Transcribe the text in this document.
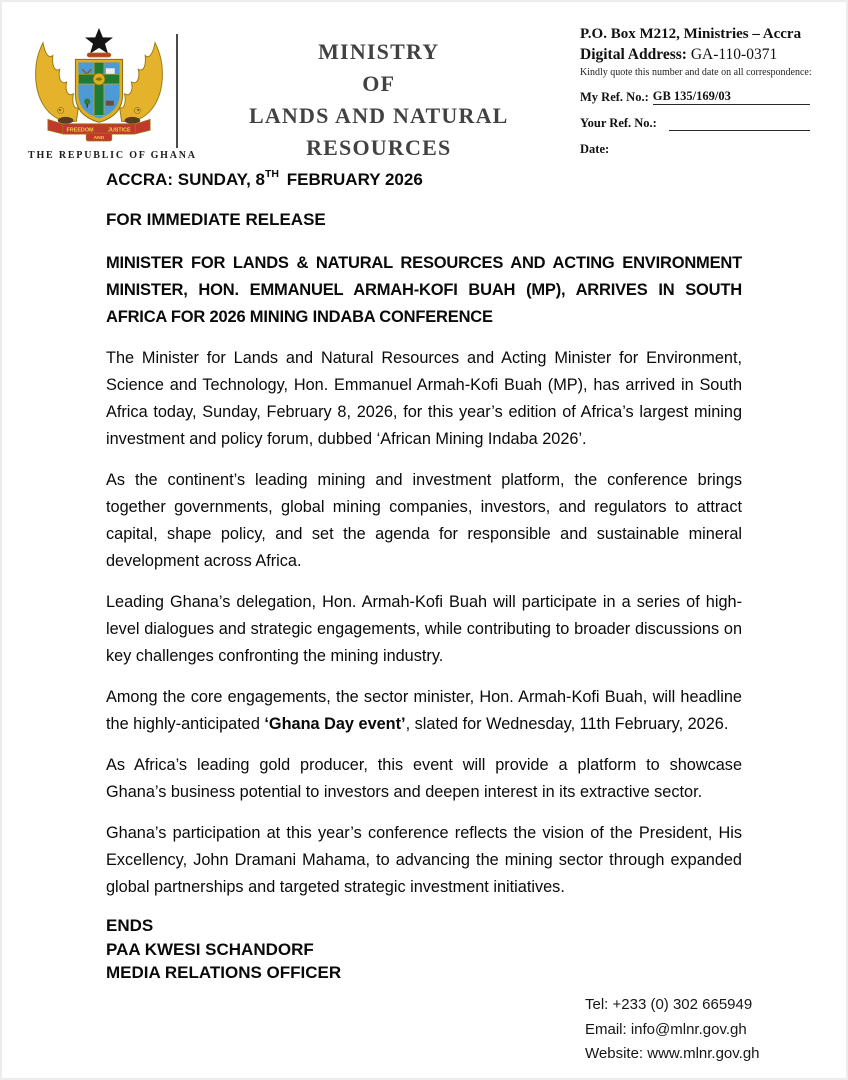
FREEDOM
AND
JUSTICE
THE REPUBLIC OF GHANA
MINISTRY
OF
LANDS AND NATURAL
RESOURCES
P.O. Box M212, Ministries – Accra
Digital Address: GA-110-0371
Kindly quote this number and date on all correspondence:
My Ref. No.: GB 135/169/03
Your Ref. No.:
Date:
ACCRA: SUNDAY, 8TH FEBRUARY 2026
FOR IMMEDIATE RELEASE
MINISTER FOR LANDS & NATURAL RESOURCES AND ACTING ENVIRONMENT MINISTER, HON. EMMANUEL ARMAH-KOFI BUAH (MP), ARRIVES IN SOUTH AFRICA FOR 2026 MINING INDABA CONFERENCE

The Minister for Lands and Natural Resources and Acting Minister for Environment, Science and Technology, Hon. Emmanuel Armah-Kofi Buah (MP), has arrived in South Africa today, Sunday, February 8, 2026, for this year’s edition of Africa’s largest mining investment and policy forum, dubbed ‘African Mining Indaba 2026’.

As the continent’s leading mining and investment platform, the conference brings together governments, global mining companies, investors, and regulators to attract capital, shape policy, and set the agenda for responsible and sustainable mineral development across Africa.

Leading Ghana’s delegation, Hon. Armah-Kofi Buah will participate in a series of high-level dialogues and strategic engagements, while contributing to broader discussions on key challenges confronting the mining industry.

Among the core engagements, the sector minister, Hon. Armah-Kofi Buah, will headline the highly-anticipated ‘Ghana Day event’, slated for Wednesday, 11th February, 2026.

As Africa’s leading gold producer, this event will provide a platform to showcase Ghana’s business potential to investors and deepen interest in its extractive sector.

Ghana’s participation at this year’s conference reflects the vision of the President, His Excellency, John Dramani Mahama, to advancing the mining sector through expanded global partnerships and targeted strategic investment initiatives.

ENDS
PAA KWESI SCHANDORF
MEDIA RELATIONS OFFICER
Tel: +233 (0) 302 665949
Email: info@mlnr.gov.gh
Website: www.mlnr.gov.gh
